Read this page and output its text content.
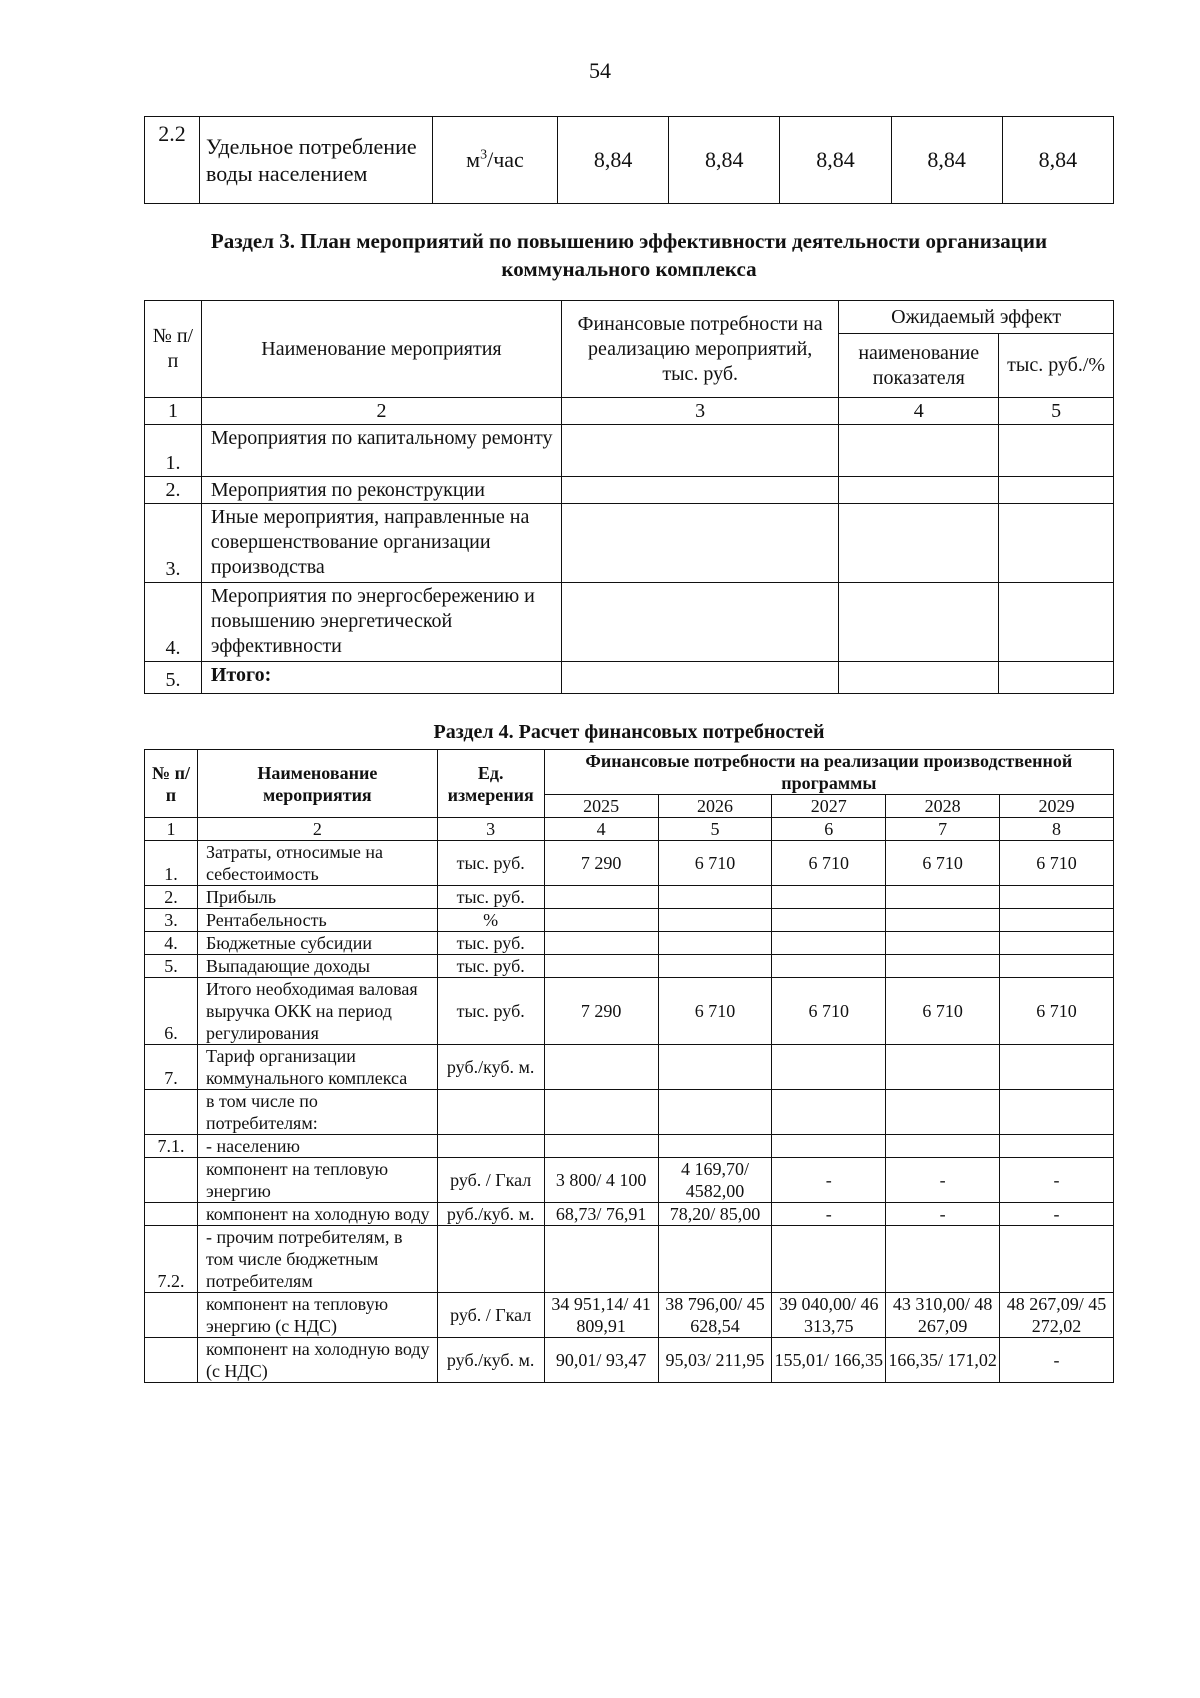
54
2.2	Удельное потребление воды населением	$м^3$/час	8,84	8,84	8,84	8,84	8,84
Раздел 3. План мероприятий по повышению эффективности деятельности организации коммунального комплекса
№ п/п	Наименование мероприятия	Финансовые потребности на реализацию мероприятий, тыс. руб.	Ожидаемый эффект	
			наименование показателя	тыс. руб./%
1	2	3	4	5
1.	Мероприятия по капитальному ремонту			
2.	Мероприятия по реконструкции			
3.	Иные мероприятия, направленные на совершенствование организации производства			
4.	Мероприятия по энергосбережению и повышению энергетической эффективности			
5.	Итого:			
Раздел 4. Расчет финансовых потребностей
№ п/п	Наименование мероприятия	Ед. измерения	Финансовые потребности на реализации производственной программы				
			2025	2026	2027	2028	2029
1	2	3	4	5	6	7	8
1.	Затраты, относимые на себестоимость	тыс. руб.	7 290	6 710	6 710	6 710	6 710
2.	Прибыль	тыс. руб.					
3.	Рентабельность	%					
4.	Бюджетные субсидии	тыс. руб.					
5.	Выпадающие доходы	тыс. руб.					
6.	Итого необходимая валовая выручка ОКК на период регулирования	тыс. руб.	7 290	6 710	6 710	6 710	6 710
7.	Тариф организации коммунального комплекса	руб./куб. м.					
	в том числе по потребителям:						
7.1.	- населению						
	компонент на тепловую энергию	руб. / Гкал	3 800/ 4 100	4 169,70/ 4582,00	-	-	-
	компонент на холодную воду	руб./куб. м.	68,73/ 76,91	78,20/ 85,00	-	-	-
7.2.	- прочим потребителям, в том числе бюджетным потребителям						
	компонент на тепловую энергию (с НДС)	руб. / Гкал	34 951,14/ 41 809,91	38 796,00/ 45 628,54	39 040,00/ 46 313,75	43 310,00/ 48 267,09	48 267,09/ 45 272,02
	компонент на холодную воду (с НДС)	руб./куб. м.	90,01/ 93,47	95,03/ 211,95	155,01/ 166,35	166,35/ 171,02	-
